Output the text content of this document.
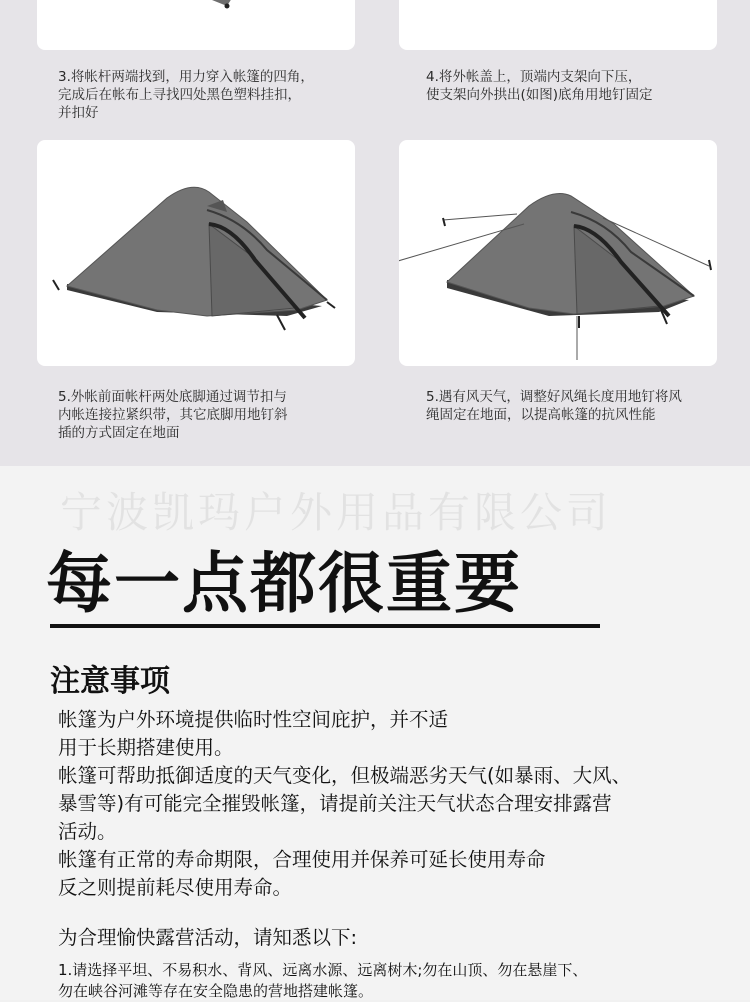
3.将帐杆两端找到，用力穿入帐篷的四角，
完成后在帐布上寻找四处黑色塑料挂扣，
并扣好
4.将外帐盖上，顶端内支架向下压，
使支架向外拱出(如图)底角用地钉固定
5.外帐前面帐杆两处底脚通过调节扣与
内帐连接拉紧织带，其它底脚用地钉斜
插的方式固定在地面
5.遇有风天气，调整好风绳长度用地钉将风
绳固定在地面，以提高帐篷的抗风性能
宁波凯玛户外用品有限公司
每一点都很重要
注意事项
帐篷为户外环境提供临时性空间庇护，并不适
用于长期搭建使用。
帐篷可帮助抵御适度的天气变化，但极端恶劣天气(如暴雨、大风、
暴雪等)有可能完全摧毁帐篷，请提前关注天气状态合理安排露营
活动。
帐篷有正常的寿命期限，合理使用并保养可延长使用寿命
反之则提前耗尽使用寿命。
为合理愉快露营活动，请知悉以下:
1.请选择平坦、不易积水、背风、远离水源、远离树木;勿在山顶、勿在悬崖下、
勿在峡谷河滩等存在安全隐患的营地搭建帐篷。
